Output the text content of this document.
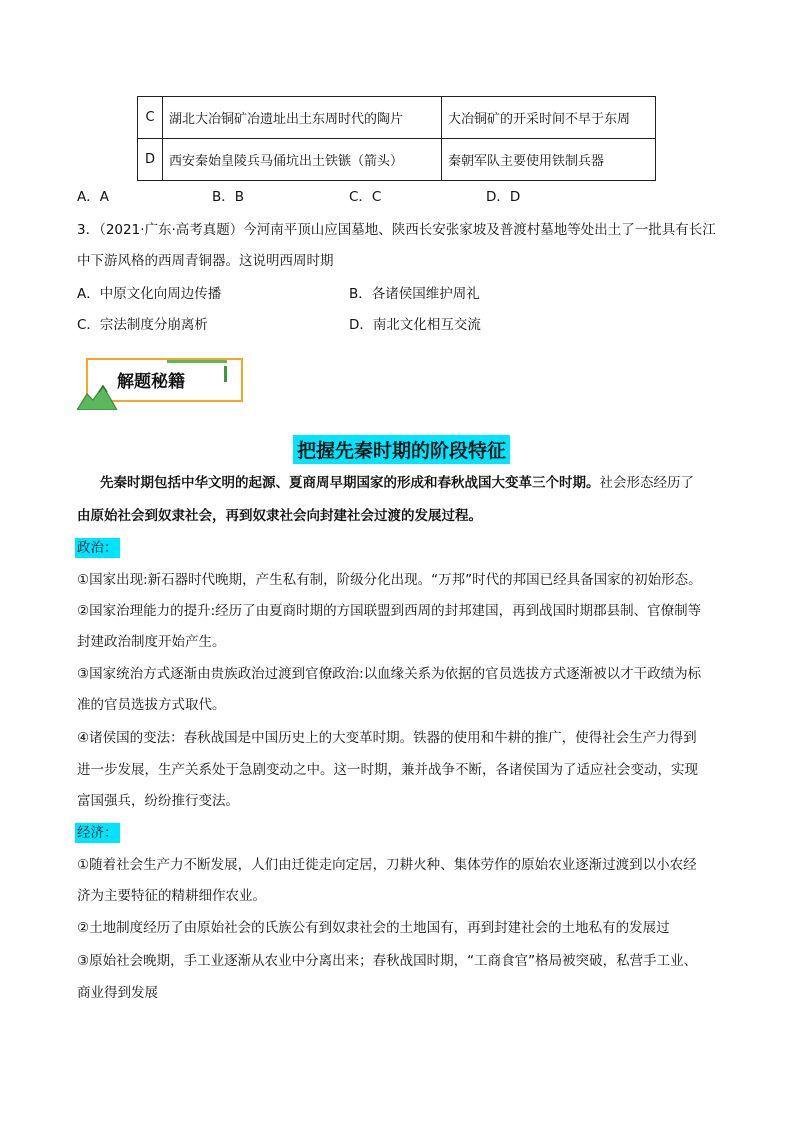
C	湖北大冶铜矿冶遗址出土东周时代的陶片	大冶铜矿的开采时间不早于东周
D	西安秦始皇陵兵马俑坑出土铁镞（箭头）	秦朝军队主要使用铁制兵器
A．A	B．B	C．C	D．D
3．（2021·广东·高考真题）今河南平顶山应国墓地、陕西长安张家坡及普渡村墓地等处出土了一批具有长江
中下游风格的西周青铜器。这说明西周时期
A．中原文化向周边传播	B．各诸侯国维护周礼
C．宗法制度分崩离析	D．南北文化相互交流
解题秘籍
把握先秦时期的阶段特征
先秦时期包括中华文明的起源、夏商周早期国家的形成和春秋战国大变革三个时期。社会形态经历了
由原始社会到奴隶社会，再到奴隶社会向封建社会过渡的发展过程。
政治：
①国家出现:新石器时代晚期，产生私有制，阶级分化出现。“万邦”时代的邦国已经具备国家的初始形态。
②国家治理能力的提升:经历了由夏商时期的方国联盟到西周的封邦建国，再到战国时期郡县制、官僚制等
封建政治制度开始产生。
③国家统治方式逐渐由贵族政治过渡到官僚政治:以血缘关系为依据的官员选拔方式逐渐被以才干政绩为标
准的官员选拔方式取代。
④诸侯国的变法：春秋战国是中国历史上的大变革时期。铁器的使用和牛耕的推广，使得社会生产力得到
进一步发展，生产关系处于急剧变动之中。这一时期，兼并战争不断，各诸侯国为了适应社会变动，实现
富国强兵，纷纷推行变法。
经济：
①随着社会生产力不断发展，人们由迁徙走向定居，刀耕火种、集体劳作的原始农业逐渐过渡到以小农经
济为主要特征的精耕细作农业。
②土地制度经历了由原始社会的氏族公有到奴隶社会的土地国有，再到封建社会的土地私有的发展过
③原始社会晚期，手工业逐渐从农业中分离出来；春秋战国时期，“工商食官”格局被突破，私营手工业、
商业得到发展
